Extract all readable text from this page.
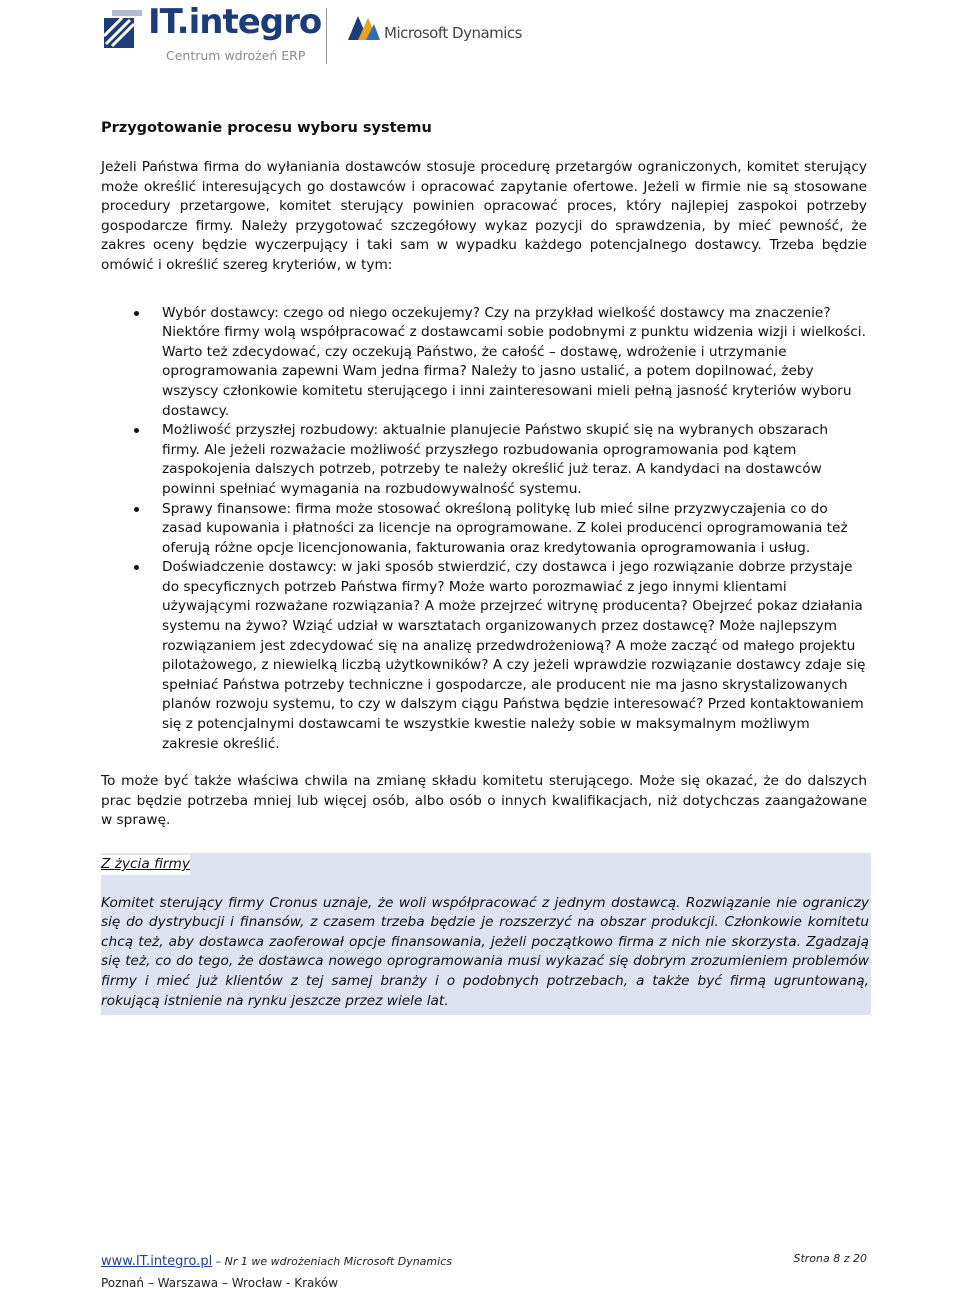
IT.integro
Centrum wdrożeń ERP
Microsoft Dynamics
Przygotowanie procesu wyboru systemu

Jeżeli Państwa firma do wyłaniania dostawców stosuje procedurę przetargów ograniczonych, komitet sterujący może określić interesujących go dostawców i opracować zapytanie ofertowe. Jeżeli w firmie nie są stosowane procedury przetargowe, komitet sterujący powinien opracować proces, który najlepiej zaspokoi potrzeby gospodarcze firmy. Należy przygotować szczegółowy wykaz pozycji do sprawdzenia, by mieć pewność, że zakres oceny będzie wyczerpujący i taki sam w wypadku każdego potencjalnego dostawcy. Trzeba będzie omówić i określić szereg kryteriów, w tym:

Wybór dostawcy: czego od niego oczekujemy? Czy na przykład wielkość dostawcy ma znaczenie? Niektóre firmy wolą współpracować z dostawcami sobie podobnymi z punktu widzenia wizji i wielkości. Warto też zdecydować, czy oczekują Państwo, że całość – dostawę, wdrożenie i utrzymanie oprogramowania zapewni Wam jedna firma? Należy to jasno ustalić, a potem dopilnować, żeby wszyscy członkowie komitetu sterującego i inni zainteresowani mieli pełną jasność kryteriów wyboru dostawcy.
Możliwość przyszłej rozbudowy: aktualnie planujecie Państwo skupić się na wybranych obszarach firmy. Ale jeżeli rozważacie możliwość przyszłego rozbudowania oprogramowania pod kątem zaspokojenia dalszych potrzeb, potrzeby te należy określić już teraz. A kandydaci na dostawców powinni spełniać wymagania na rozbudowywalność systemu.
Sprawy finansowe: firma może stosować określoną politykę lub mieć silne przyzwyczajenia co do zasad kupowania i płatności za licencje na oprogramowane. Z kolei producenci oprogramowania też oferują różne opcje licencjonowania, fakturowania oraz kredytowania oprogramowania i usług.
Doświadczenie dostawcy: w jaki sposób stwierdzić, czy dostawca i jego rozwiązanie dobrze przystaje do specyficznych potrzeb Państwa firmy? Może warto porozmawiać z jego innymi klientami używającymi rozważane rozwiązania? A może przejrzeć witrynę producenta? Obejrzeć pokaz działania systemu na żywo? Wziąć udział w warsztatach organizowanych przez dostawcę? Może najlepszym rozwiązaniem jest zdecydować się na analizę przedwdrożeniową? A może zacząć od małego projektu pilotażowego, z niewielką liczbą użytkowników? A czy jeżeli wprawdzie rozwiązanie dostawcy zdaje się spełniać Państwa potrzeby techniczne i gospodarcze, ale producent nie ma jasno skrystalizowanych planów rozwoju systemu, to czy w dalszym ciągu Państwa będzie interesować? Przed kontaktowaniem się z potencjalnymi dostawcami te wszystkie kwestie należy sobie w maksymalnym możliwym zakresie określić.

To może być także właściwa chwila na zmianę składu komitetu sterującego. Może się okazać, że do dalszych prac będzie potrzeba mniej lub więcej osób, albo osób o innych kwalifikacjach, niż dotychczas zaangażowane w sprawę.

Z życia firmy

Komitet sterujący firmy Cronus uznaje, że woli współpracować z jednym dostawcą. Rozwiązanie nie ograniczy się do dystrybucji i finansów, z czasem trzeba będzie je rozszerzyć na obszar produkcji. Członkowie komitetu chcą też, aby dostawca zaoferował opcje finansowania, jeżeli początkowo firma z nich nie skorzysta. Zgadzają się też, co do tego, że dostawca nowego oprogramowania musi wykazać się dobrym zrozumieniem problemów firmy i mieć już klientów z tej samej branży i o podobnych potrzebach, a także być firmą ugruntowaną, rokującą istnienie na rynku jeszcze przez wiele lat.

www.IT.integro.pl – Nr 1 we wdrożeniach Microsoft Dynamics	Strona 8 z 20
Poznań – Warszawa – Wrocław - Kraków
